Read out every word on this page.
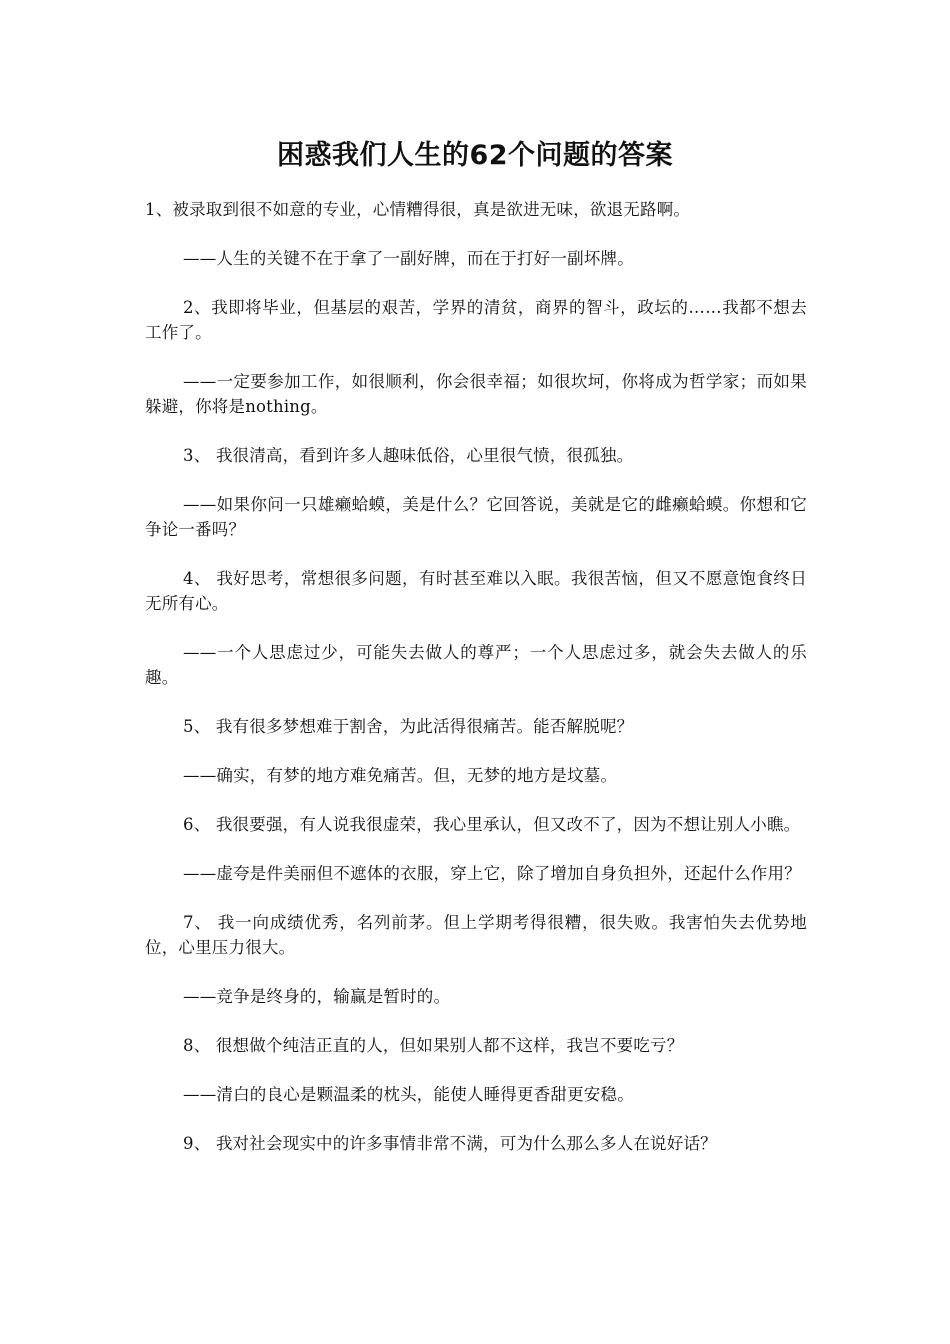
困惑我们人生的62个问题的答案

1、被录取到很不如意的专业，心情糟得很，真是欲进无味，欲退无路啊。

——人生的关键不在于拿了一副好牌，而在于打好一副坏牌。

2、我即将毕业，但基层的艰苦，学界的清贫，商界的智斗，政坛的……我都不想去工作了。

——一定要参加工作，如很顺利，你会很幸福；如很坎坷，你将成为哲学家；而如果躲避，你将是nothing。

3、 我很清高，看到许多人趣味低俗，心里很气愤，很孤独。

——如果你问一只雄癞蛤蟆，美是什么？它回答说，美就是它的雌癞蛤蟆。你想和它争论一番吗？

4、 我好思考，常想很多问题，有时甚至难以入眠。我很苦恼，但又不愿意饱食终日无所有心。

——一个人思虑过少，可能失去做人的尊严；一个人思虑过多，就会失去做人的乐趣。

5、 我有很多梦想难于割舍，为此活得很痛苦。能否解脱呢？

——确实，有梦的地方难免痛苦。但，无梦的地方是坟墓。

6、 我很要强，有人说我很虚荣，我心里承认，但又改不了，因为不想让别人小瞧。

——虚夸是件美丽但不遮体的衣服，穿上它，除了增加自身负担外，还起什么作用？

7、 我一向成绩优秀，名列前茅。但上学期考得很糟，很失败。我害怕失去优势地位，心里压力很大。

——竞争是终身的，输赢是暂时的。

8、 很想做个纯洁正直的人，但如果别人都不这样，我岂不要吃亏？

——清白的良心是颗温柔的枕头，能使人睡得更香甜更安稳。

9、 我对社会现实中的许多事情非常不满，可为什么那么多人在说好话？
